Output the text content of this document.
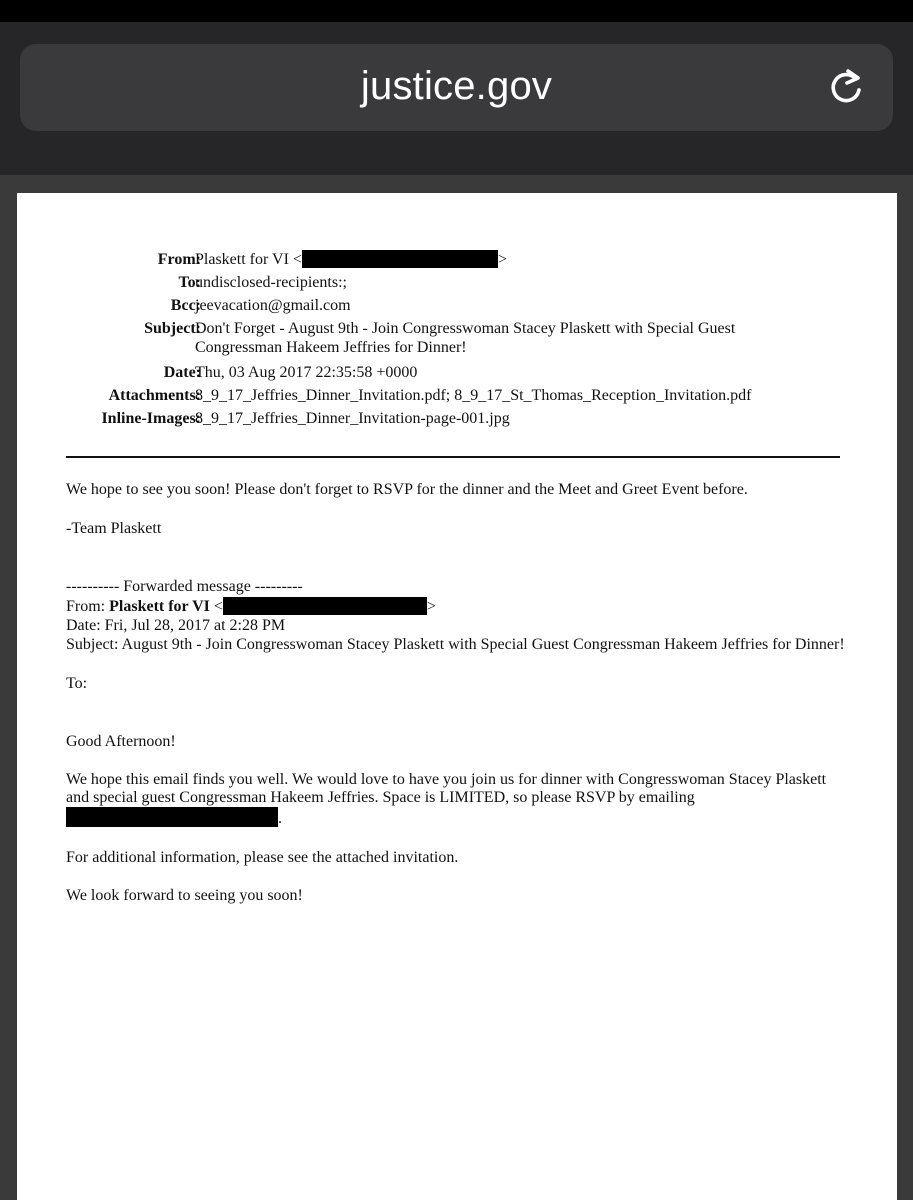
justice.gov
From:
Plaskett for VI <	>
To:
undisclosed-recipients:;
Bcc:
jeevacation@gmail.com
Subject:
Don't Forget - August 9th - Join Congresswoman Stacey Plaskett with Special Guest Congressman Hakeem Jeffries for Dinner!
Date:
Thu, 03 Aug 2017 22:35:58 +0000
Attachments:
8_9_17_Jeffries_Dinner_Invitation.pdf; 8_9_17_St_Thomas_Reception_Invitation.pdf
Inline-Images:
8_9_17_Jeffries_Dinner_Invitation-page-001.jpg
We hope to see you soon! Please don't forget to RSVP for the dinner and the Meet and Greet Event before.
-Team Plaskett
---------- Forwarded message ---------
From: Plaskett for VI <	>
Date: Fri, Jul 28, 2017 at 2:28 PM
Subject: August 9th - Join Congresswoman Stacey Plaskett with Special Guest Congressman Hakeem Jeffries for Dinner!
To:
Good Afternoon!
We hope this email finds you well. We would love to have you join us for dinner with Congresswoman Stacey Plaskett and special guest Congressman Hakeem Jeffries. Space is LIMITED, so please RSVP by emailing
.
For additional information, please see the attached invitation.
We look forward to seeing you soon!
